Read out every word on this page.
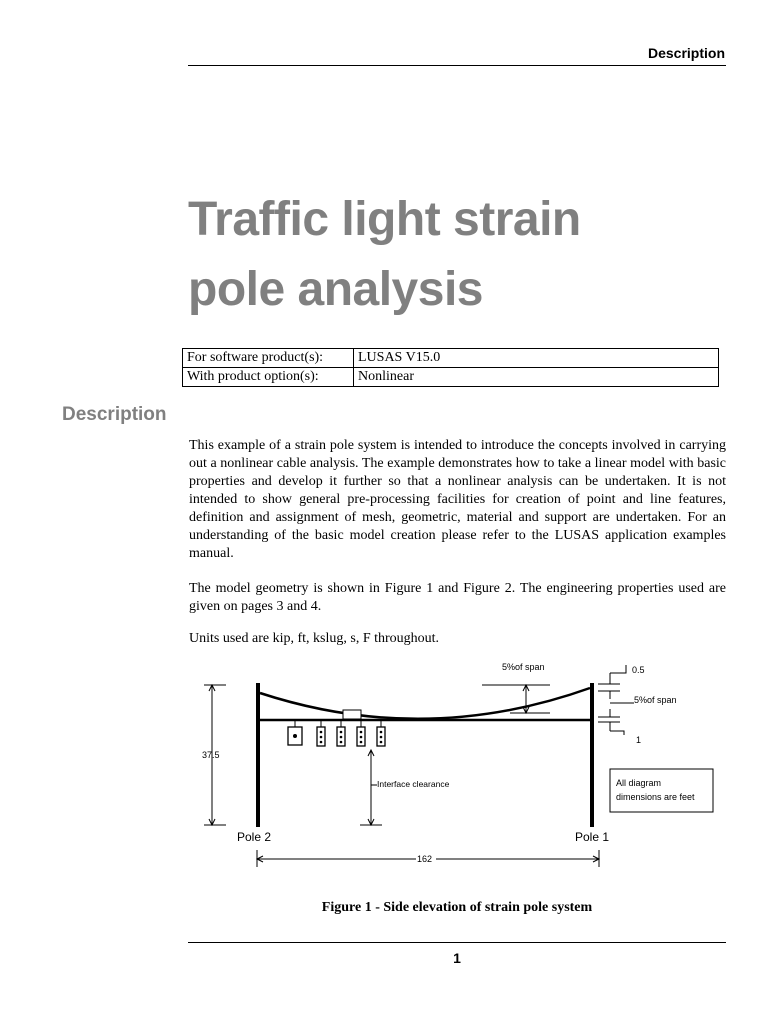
Description
Traffic light strain
pole analysis
For software product(s):	LUSAS V15.0
With product option(s):	Nonlinear
Description

This example of a strain pole system is intended to introduce the concepts involved in carrying out a nonlinear cable analysis. The example demonstrates how to take a linear model with basic properties and develop it further so that a nonlinear analysis can be undertaken. It is not intended to show general pre-processing facilities for creation of point and line features, definition and assignment of mesh, geometric, material and support are undertaken. For an understanding of the basic model creation please refer to the LUSAS application examples manual.

The model geometry is shown in Figure 1 and Figure 2. The engineering properties used are given on pages 3 and 4.

Units used are kip, ft, kslug, s, F throughout.

37.5
5%of span	0.5
5%of span
1
Interface clearance	All diagram
dimensions are feet
Pole 2	Pole 1
162
Figure 1 - Side elevation of strain pole system
1
